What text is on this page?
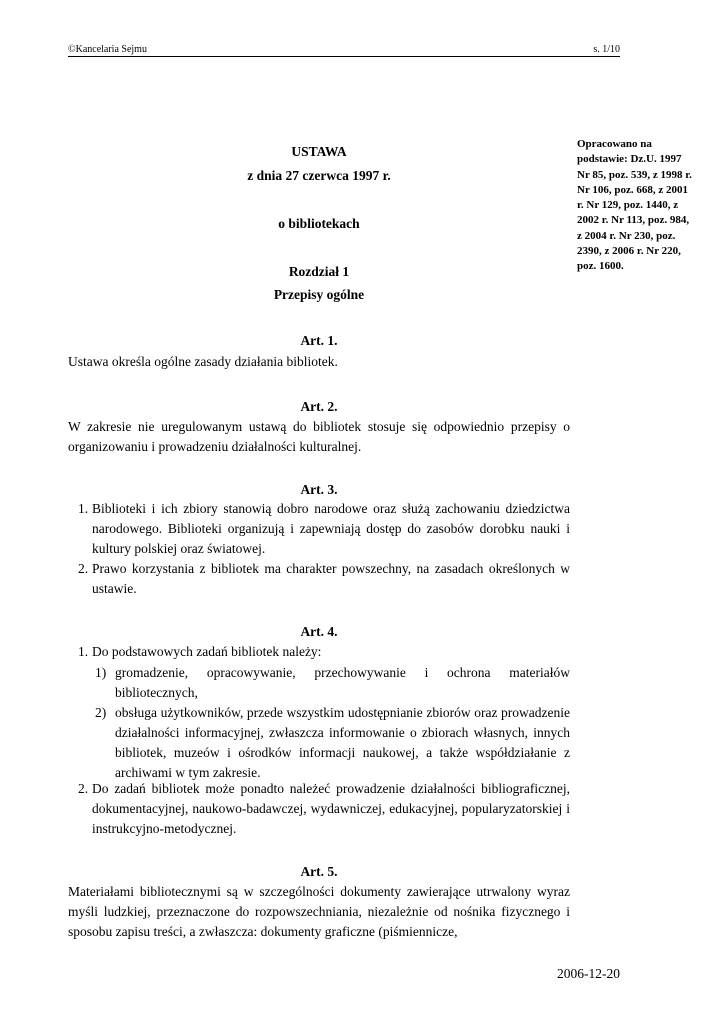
©Kancelaria Sejmu	s. 1/10
USTAWA
z dnia 27 czerwca 1997 r.
o bibliotekach
Rozdział 1
Przepisy ogólne
Opracowano na podstawie: Dz.U. 1997 Nr 85, poz. 539, z 1998 r. Nr 106, poz. 668, z 2001 r. Nr 129, poz. 1440, z 2002 r. Nr 113, poz. 984, z 2004 r. Nr 230, poz. 2390, z 2006 r. Nr 220, poz. 1600.
Art. 1.
Ustawa określa ogólne zasady działania bibliotek.
Art. 2.
W zakresie nie uregulowanym ustawą do bibliotek stosuje się odpowiednio przepisy o organizowaniu i prowadzeniu działalności kulturalnej.
Art. 3.
1. Biblioteki i ich zbiory stanowią dobro narodowe oraz służą zachowaniu dziedzictwa narodowego. Biblioteki organizują i zapewniają dostęp do zasobów dorobku nauki i kultury polskiej oraz światowej.
2. Prawo korzystania z bibliotek ma charakter powszechny, na zasadach określonych w ustawie.
Art. 4.
1. Do podstawowych zadań bibliotek należy:
1) gromadzenie, opracowywanie, przechowywanie i ochrona materiałów bibliotecznych,
2) obsługa użytkowników, przede wszystkim udostępnianie zbiorów oraz prowadzenie działalności informacyjnej, zwłaszcza informowanie o zbiorach własnych, innych bibliotek, muzeów i ośrodków informacji naukowej, a także współdziałanie z archiwami w tym zakresie.
2. Do zadań bibliotek może ponadto należeć prowadzenie działalności bibliograficznej, dokumentacyjnej, naukowo-badawczej, wydawniczej, edukacyjnej, popularyzatorskiej i instrukcyjno-metodycznej.
Art. 5.
Materiałami bibliotecznymi są w szczególności dokumenty zawierające utrwalony wyraz myśli ludzkiej, przeznaczone do rozpowszechniania, niezależnie od nośnika fizycznego i sposobu zapisu treści, a zwłaszcza: dokumenty graficzne (piśmiennicze,
2006-12-20
